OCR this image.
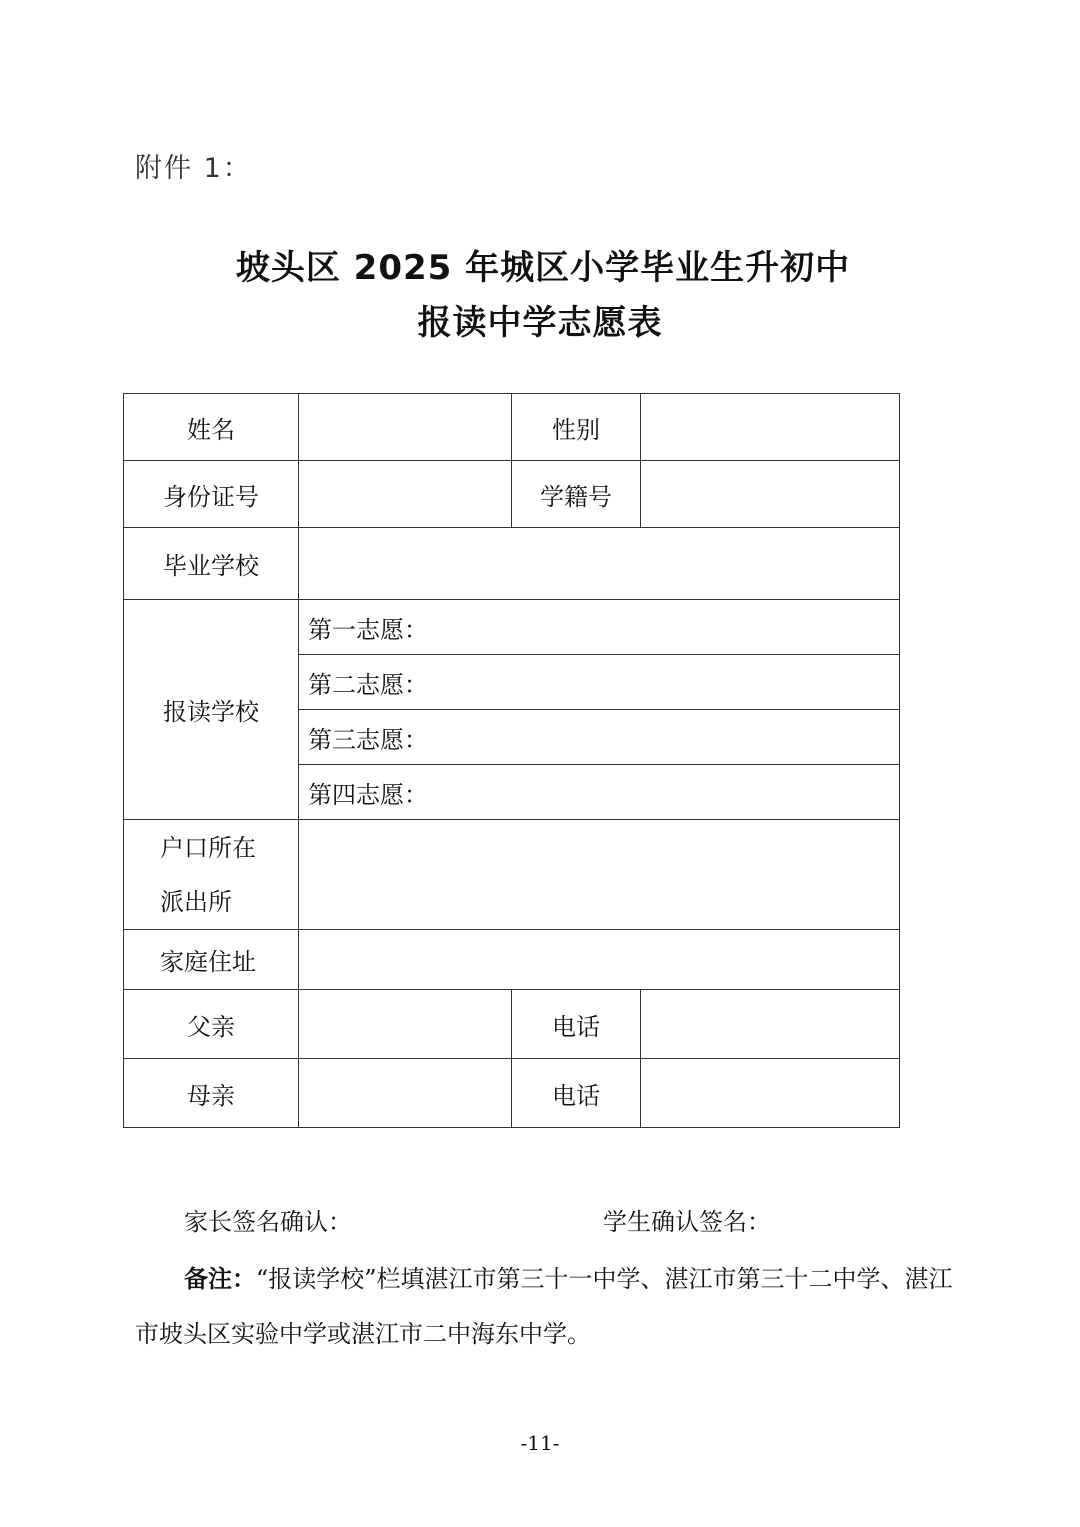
附件 1：
坡头区 2025 年城区小学毕业生升初中
报读中学志愿表
姓名		性别	
身份证号		学籍号	
毕业学校			
报读学校	第一志愿：		
	第二志愿：		
	第三志愿：		
	第四志愿：		

户口所在
派出所			

家庭住址			
父亲		电话	
母亲		电话	
家长签名确认：	学生确认签名：
备注：“报读学校”栏填湛江市第三十一中学、湛江市第三十二中学、湛江市坡头区实验中学或湛江市二中海东中学。
-11-
